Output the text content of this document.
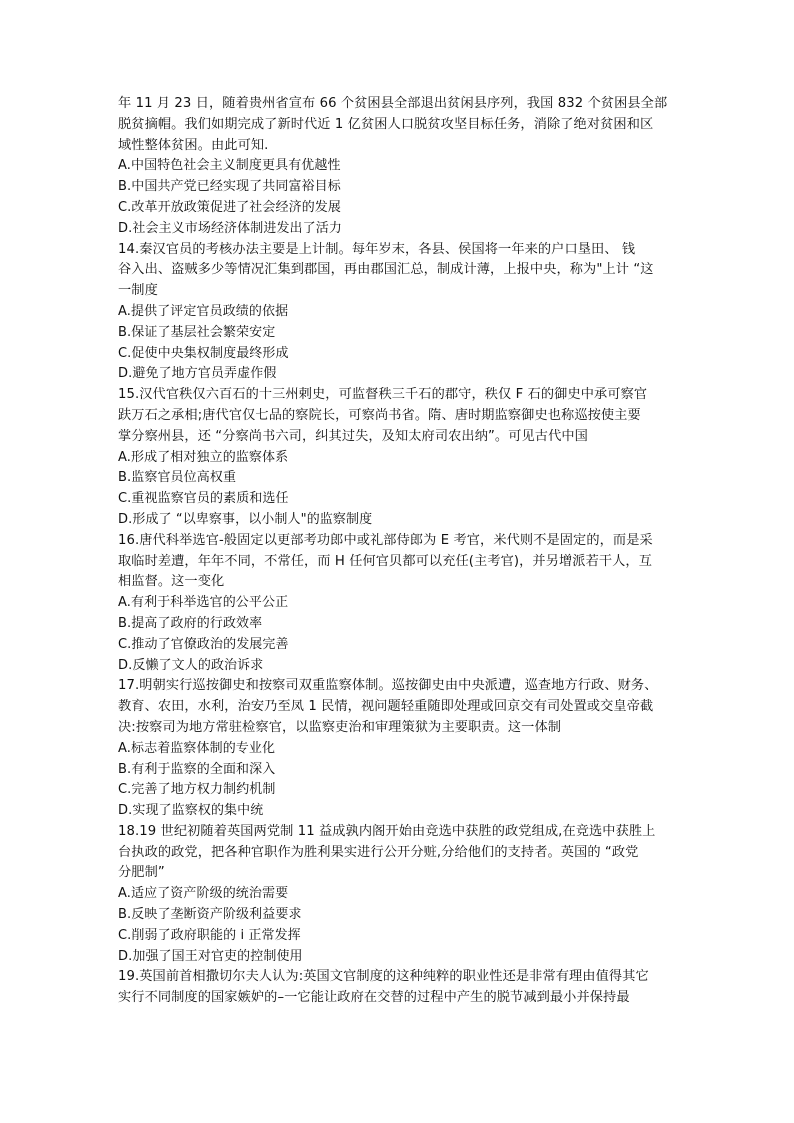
年 11 月 23 日，随着贵州省宣布 66 个贫困县全部退出贫闲县序列，我国 832 个贫困县全部
脱贫摘帽。我们如期完成了新时代近 1 亿贫困人口脱贫攻坚目标任务，消除了绝对贫困和区
域性整体贫困。由此可知.
A.中国特色社会主义制度更具有优越性
B.中国共产党已经实现了共同富裕目标
C.改革开放政策促进了社会经济的发展
D.社会主义市场经济体制进发出了活力
14.秦汉官员的考核办法主要是上计制。每年岁末，各县、侯国将一年来的户口垦田、 钱
谷入出、盗贼多少等情况汇集到郡国，再由郡国汇总，制成计薄，上报中央，称为"上计 “这
一制度
A.提供了评定官员政绩的依据
B.保证了基层社会繁荣安定
C.促使中央集权制度最终形成
D.避免了地方官员弄虚作假
15.汉代官秩仅六百石的十三州剌史，可监督秩三千石的郡守，秩仅 F 石的御史中承可察官
趺万石之承相;唐代官仅七品的察院长，可察尚书省。隋、唐时期监察御史也称巡按使主要
掌分察州县，还 “分察尚书六司，纠其过失，及知太府司农出纳”。可见古代中国
A.形成了相对独立的监察体系
B.监察官员位高权重
C.重视监察官员的素质和选任
D.形成了 “以卑察事，以小制人"的监察制度
16.唐代科举选官-般固定以更部考功郎中或礼部侍郎为 E 考官，米代则不是固定的，而是采
取临时差遭，年年不同，不常任，而 H 任何官贝都可以充任(主考官)，并另增派若干人，互
相监督。这一变化
A.有利于科举选官的公平公正
B.提高了政府的行政效率
C.推动了官僚政治的发展完善
D.反懒了文人的政治诉求
17.明朝实行巡按御史和按察司双重监察体制。巡按御史由中央派遭，巡查地方行政、财务、
教育、农田，水利，治安乃至凤 1 民情，视问题轻重随即处理或回京交有司处置或交皇帝截
决:按察司为地方常驻检察官，以监察吏治和审理策狱为主要职责。这一体制
A.标志着监察体制的专业化
B.有利于监察的全面和深入
C.完善了地方权力制约机制
D.实现了监察权的集中统
18.19 世纪初随着英国两党制 11 益成孰内阁开始由竞选中获胜的政党组成,在竞选中获胜上
台执政的政党，把各种官职作为胜利果实进行公开分赃,分给他们的支持者。英国的 “政党
分肥制”
A.适应了资产阶级的统治需要
B.反映了垄断资产阶级利益要求
C.削弱了政府职能的 i 正常发挥
D.加强了国王对官吏的控制使用
19.英国前首相撒切尔夫人认为:英国文官制度的这种纯粹的职业性还是非常有理由值得其它
实行不同制度的国家嫉妒的–一它能让政府在交替的过程中产生的脱节减到最小并保持最
